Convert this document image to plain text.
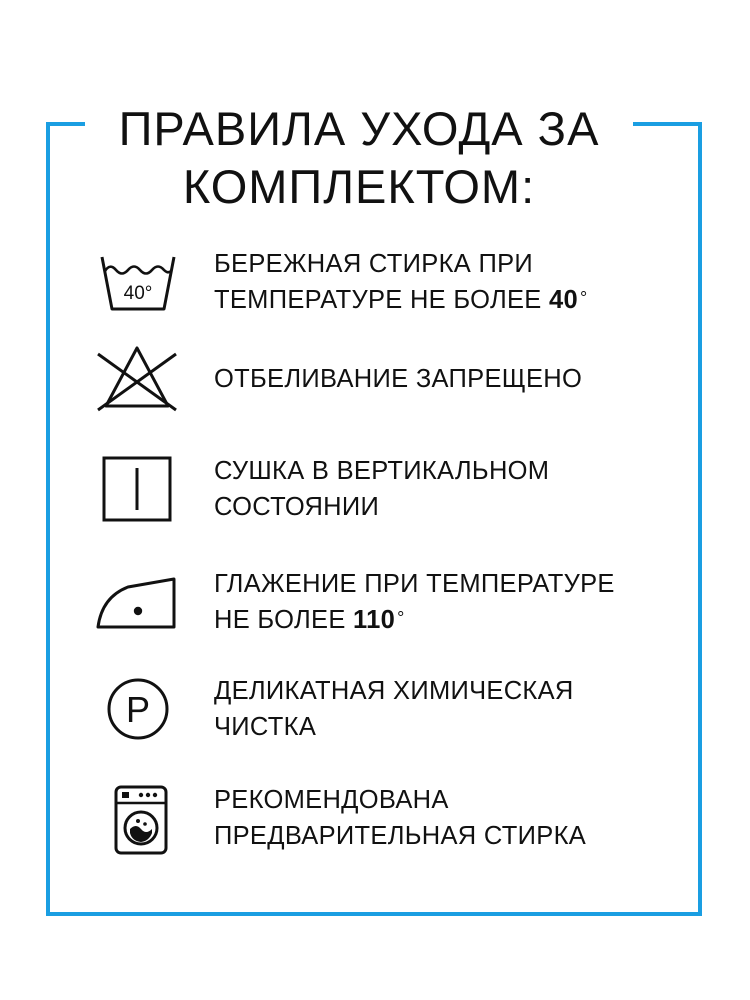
ПРАВИЛА УХОДА ЗА
КОМПЛЕКТОМ:
40°
БЕРЕЖНАЯ СТИРКА ПРИ ТЕМПЕРАТУРЕ НЕ БОЛЕЕ 40 °
ОТБЕЛИВАНИЕ ЗАПРЕЩЕНО
СУШКА В ВЕРТИКАЛЬНОМ СОСТОЯНИИ
ГЛАЖЕНИЕ ПРИ ТЕМПЕРАТУРЕ НЕ БОЛЕЕ 110 °
P	ДЕЛИКАТНАЯ ХИМИЧЕСКАЯ ЧИСТКА
РЕКОМЕНДОВАНА ПРЕДВАРИТЕЛЬНАЯ СТИРКА
